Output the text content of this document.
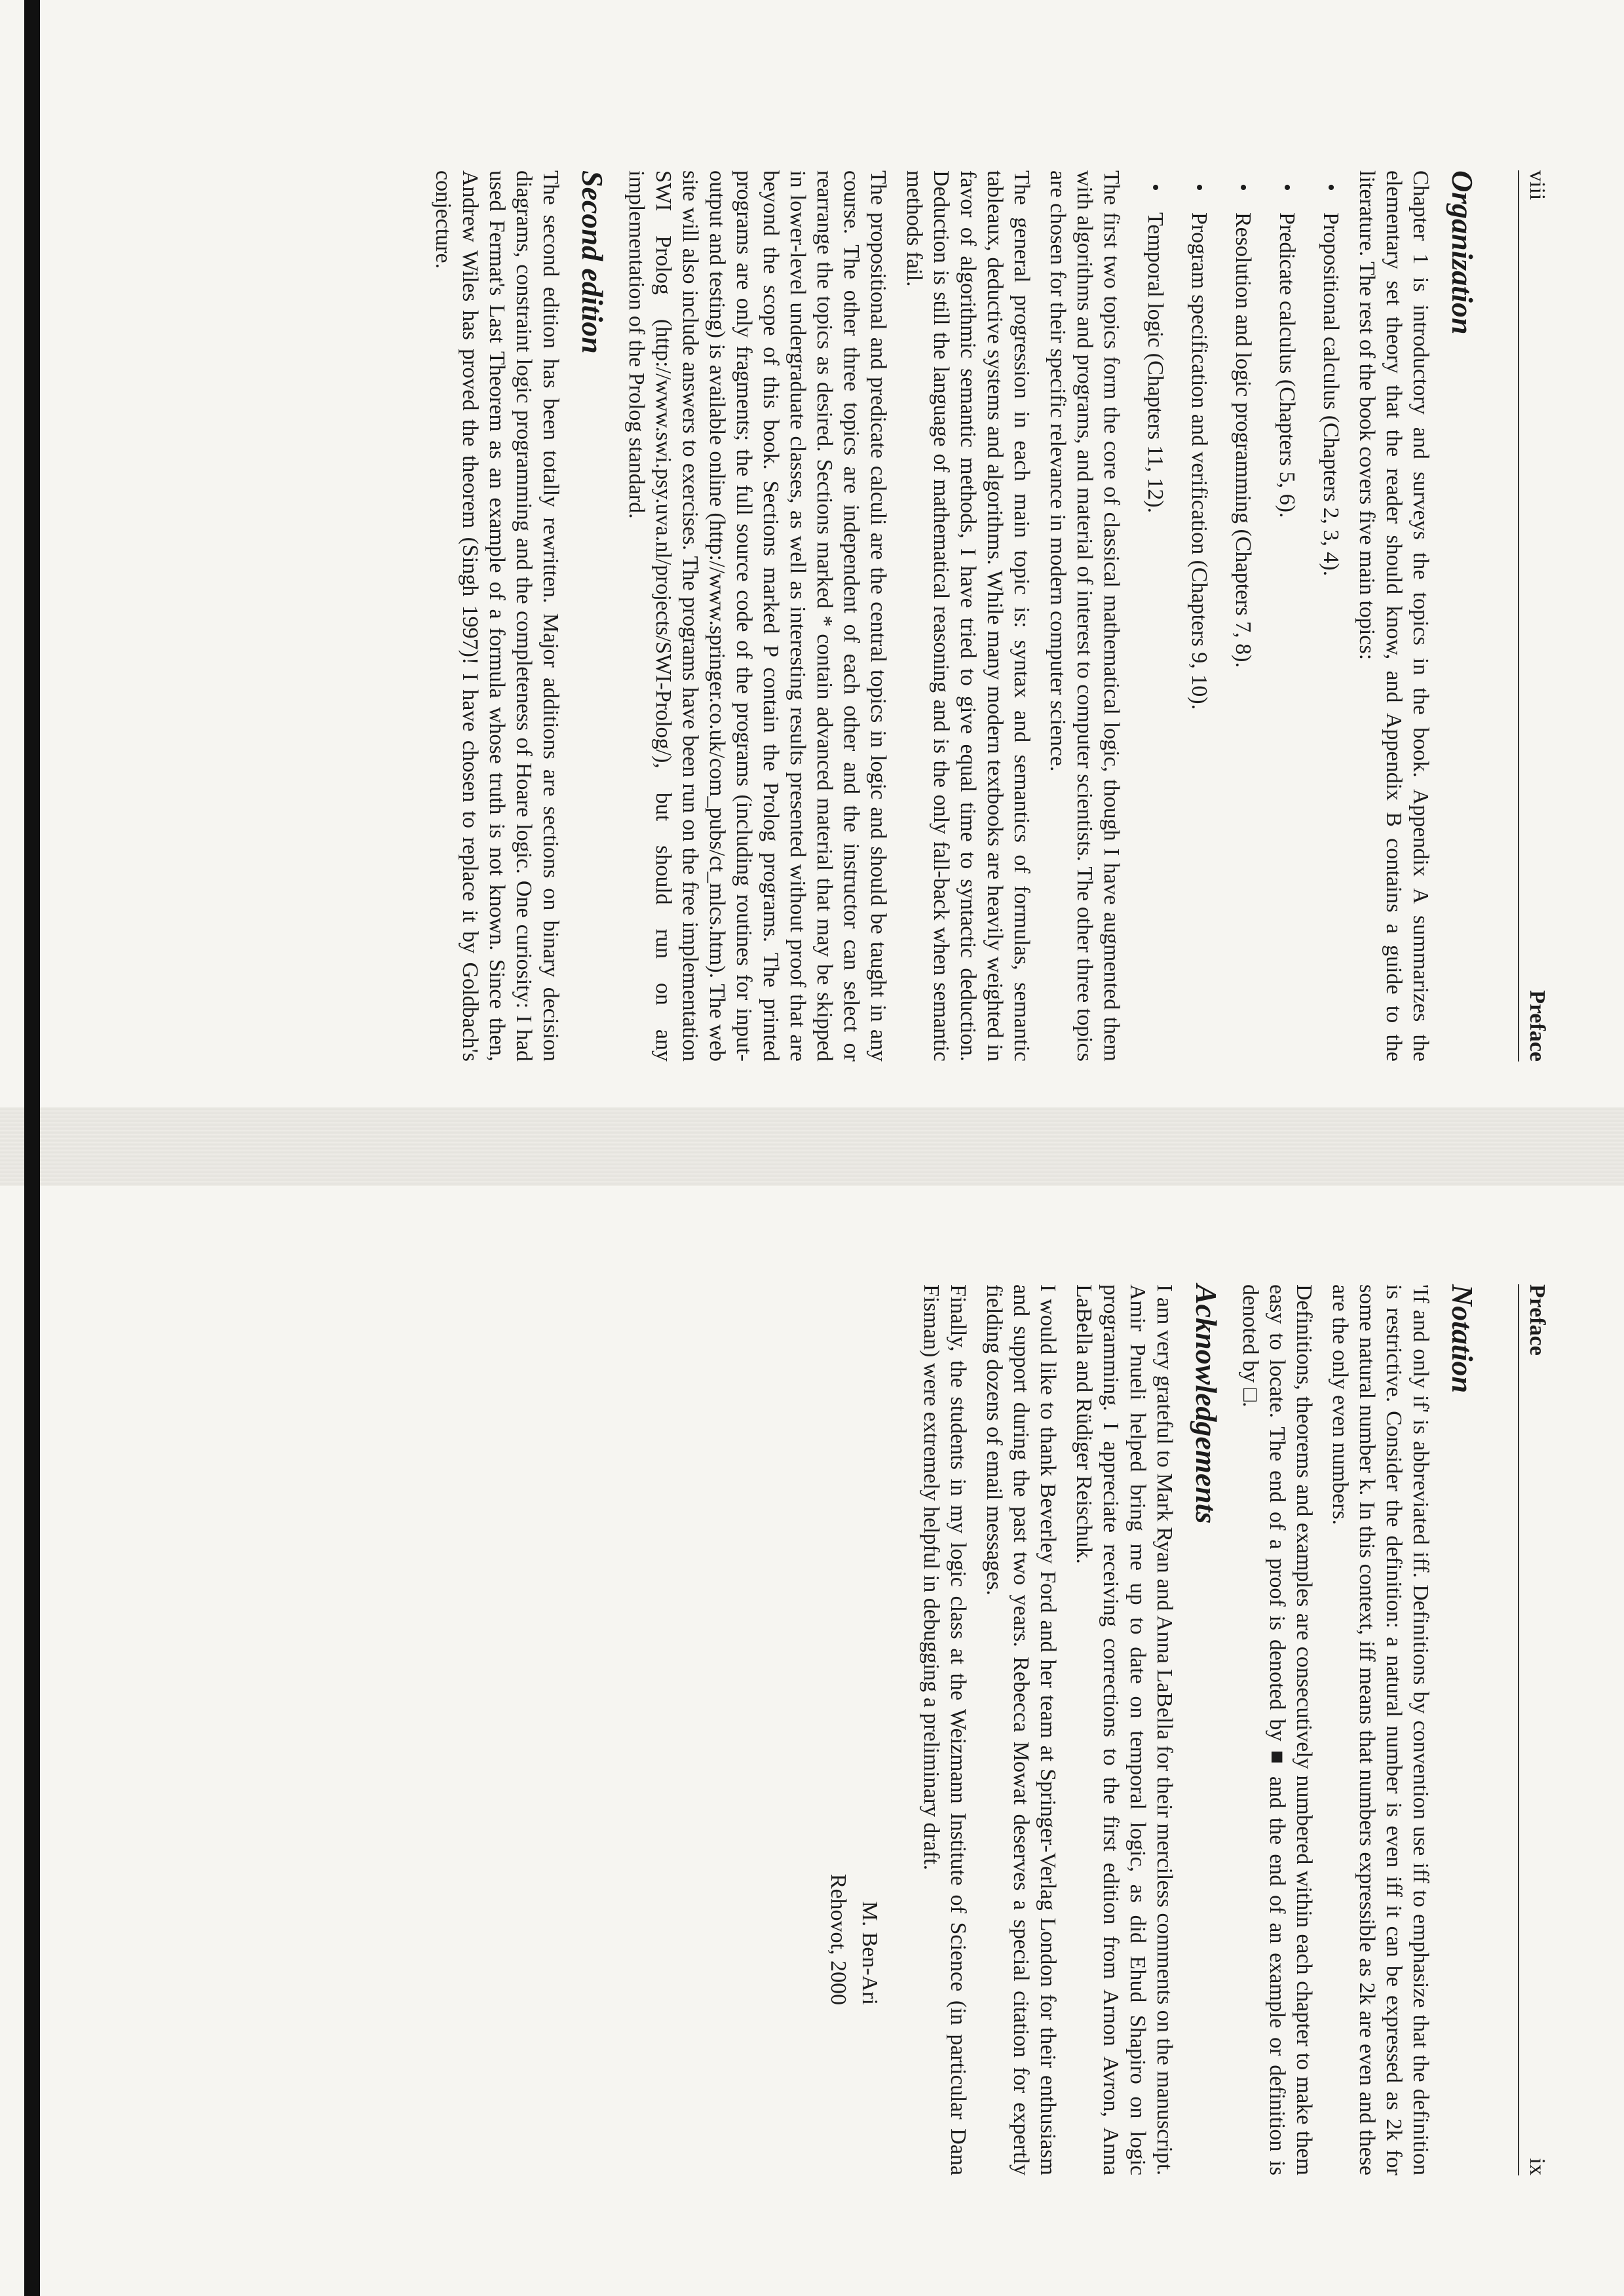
viii
Preface
Organization

Chapter 1 is introductory and surveys the topics in the book. Appendix A summarizes the elementary set theory that the reader should know, and Appendix B contains a guide to the literature. The rest of the book covers five main topics:

•
Propositional calculus (Chapters 2, 3, 4).
•
Predicate calculus (Chapters 5, 6).
•
Resolution and logic programming (Chapters 7, 8).
•
Program specification and verification (Chapters 9, 10).
•
Temporal logic (Chapters 11, 12).

The first two topics form the core of classical mathematical logic, though I have augmented them with algorithms and programs, and material of interest to computer scientists. The other three topics are chosen for their specific relevance in modern computer science.

The general progression in each main topic is: syntax and semantics of formulas, semantic tableaux, deductive systems and algorithms. While many modern textbooks are heavily weighted in favor of algorithmic semantic methods, I have tried to give equal time to syntactic deduction. Deduction is still the language of mathematical reasoning and is the only fall-back when semantic methods fail.

The propositional and predicate calculi are the central topics in logic and should be taught in any course. The other three topics are independent of each other and the instructor can select or rearrange the topics as desired. Sections marked * contain advanced material that may be skipped in lower-level undergraduate classes, as well as interesting results presented without proof that are beyond the scope of this book. Sections marked P contain the Prolog programs. The printed programs are only fragments; the full source code of the programs (including routines for input-output and testing) is available online (http://www.springer.co.uk/com_pubs/ct_mlcs.htm). The web site will also include answers to exercises. The programs have been run on the free implementation SWI Prolog (http://www.swi.psy.uva.nl/projects/SWI-Prolog/), but should run on any implementation of the Prolog standard.

Second edition

The second edition has been totally rewritten. Major additions are sections on binary decision diagrams, constraint logic programming and the completeness of Hoare logic. One curiosity: I had used Fermat's Last Theorem as an example of a formula whose truth is not known. Since then, Andrew Wiles has proved the theorem (Singh 1997)! I have chosen to replace it by Goldbach's conjecture.

Preface
ix
Notation

'If and only if' is abbreviated iff. Definitions by convention use iff to emphasize that the definition is restrictive. Consider the definition: a natural number is even iff it can be expressed as 2k for some natural number k. In this context, iff means that numbers expressible as 2k are even and these are the only even numbers.

Definitions, theorems and examples are consecutively numbered within each chapter to make them easy to locate. The end of a proof is denoted by ■ and the end of an example or definition is denoted by □.

Acknowledgements

I am very grateful to Mark Ryan and Anna LaBella for their merciless comments on the manuscript. Amir Pnueli helped bring me up to date on temporal logic, as did Ehud Shapiro on logic programming. I appreciate receiving corrections to the first edition from Arnon Avron, Anna LaBella and Rüdiger Reischuk.

I would like to thank Beverley Ford and her team at Springer-Verlag London for their enthusiasm and support during the past two years. Rebecca Mowat deserves a special citation for expertly fielding dozens of email messages.

Finally, the students in my logic class at the Weizmann Institute of Science (in particular Dana Fisman) were extremely helpful in debugging a preliminary draft.

M. Ben-Ari
Rehovot, 2000
